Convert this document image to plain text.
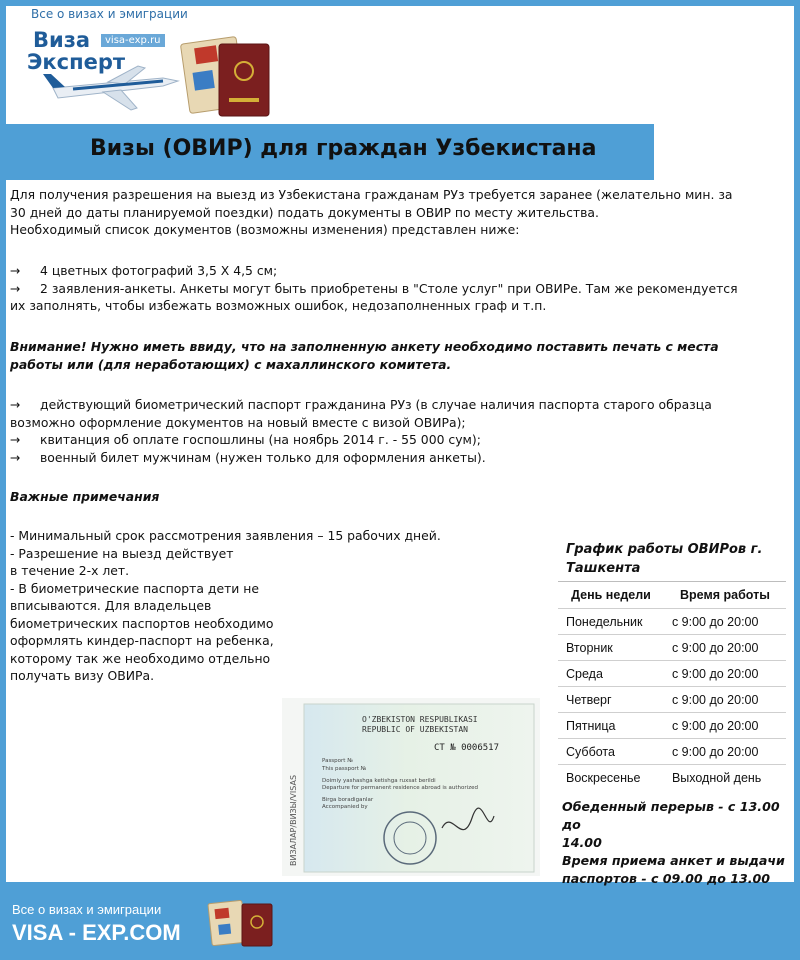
Все о визах и эмиграции
Виза
Эксперт
visa-exp.ru
Визы (ОВИР) для граждан Узбекистана
Для получения разрешения на выезд из Узбекистана гражданам РУз требуется заранее (желательно мин. за
30 дней до даты планируемой поездки) подать документы в ОВИР по месту жительства.
Необходимый список документов (возможны изменения) представлен ниже:
→ 4 цветных фотографий 3,5 Х 4,5 см;
→ 2 заявления-анкеты. Анкеты могут быть приобретены в "Столе услуг" при ОВИРе. Там же рекомендуется
их заполнять, чтобы избежать возможных ошибок, недозаполненных граф и т.п.
Внимание! Нужно иметь ввиду, что на заполненную анкету необходимо поставить печать с места
работы или (для неработающих) с махаллинского комитета.
→ действующий биометрический паспорт гражданина РУз (в случае наличия паспорта старого образца
возможно оформление документов на новый вместе с визой ОВИРа);
→ квитанция об оплате госпошлины (на ноябрь 2014 г. - 55 000 сум);
→ военный билет мужчинам (нужен только для оформления анкеты).
Важные примечания
- Минимальный срок рассмотрения заявления – 15 рабочих дней.
- Разрешение на выезд действует
в течение 2-х лет.
- В биометрические паспорта дети не
вписываются. Для владельцев
биометрических паспортов необходимо
оформлять киндер-паспорт на ребенка,
которому так же необходимо отдельно
получать визу ОВИРа.
График работы ОВИРов г. Ташкента
День недели	Время работы
Понедельник	с 9:00 до 20:00
Вторник	с 9:00 до 20:00
Среда	с 9:00 до 20:00
Четверг	с 9:00 до 20:00
Пятница	с 9:00 до 20:00
Суббота	с 9:00 до 20:00
Воскресенье	Выходной день
Обеденный перерыв - с 13.00 до
14.00
Время приема анкет и выдачи
паспортов - с 09.00 до 13.00
O'ZBEKISTON RESPUBLIKASI
REPUBLIC OF UZBEKISTAN
СТ № 0006517
Passport №
This passport №
Doimiy yashashga ketishga ruxsat berildi
Departure for permanent residence abroad is authorized
Birga boradiganlar
Accompanied by
ВИЗАЛАР/ВИЗЫ/VISAS
Все о визах и эмиграции
VISA - EXP.COM
